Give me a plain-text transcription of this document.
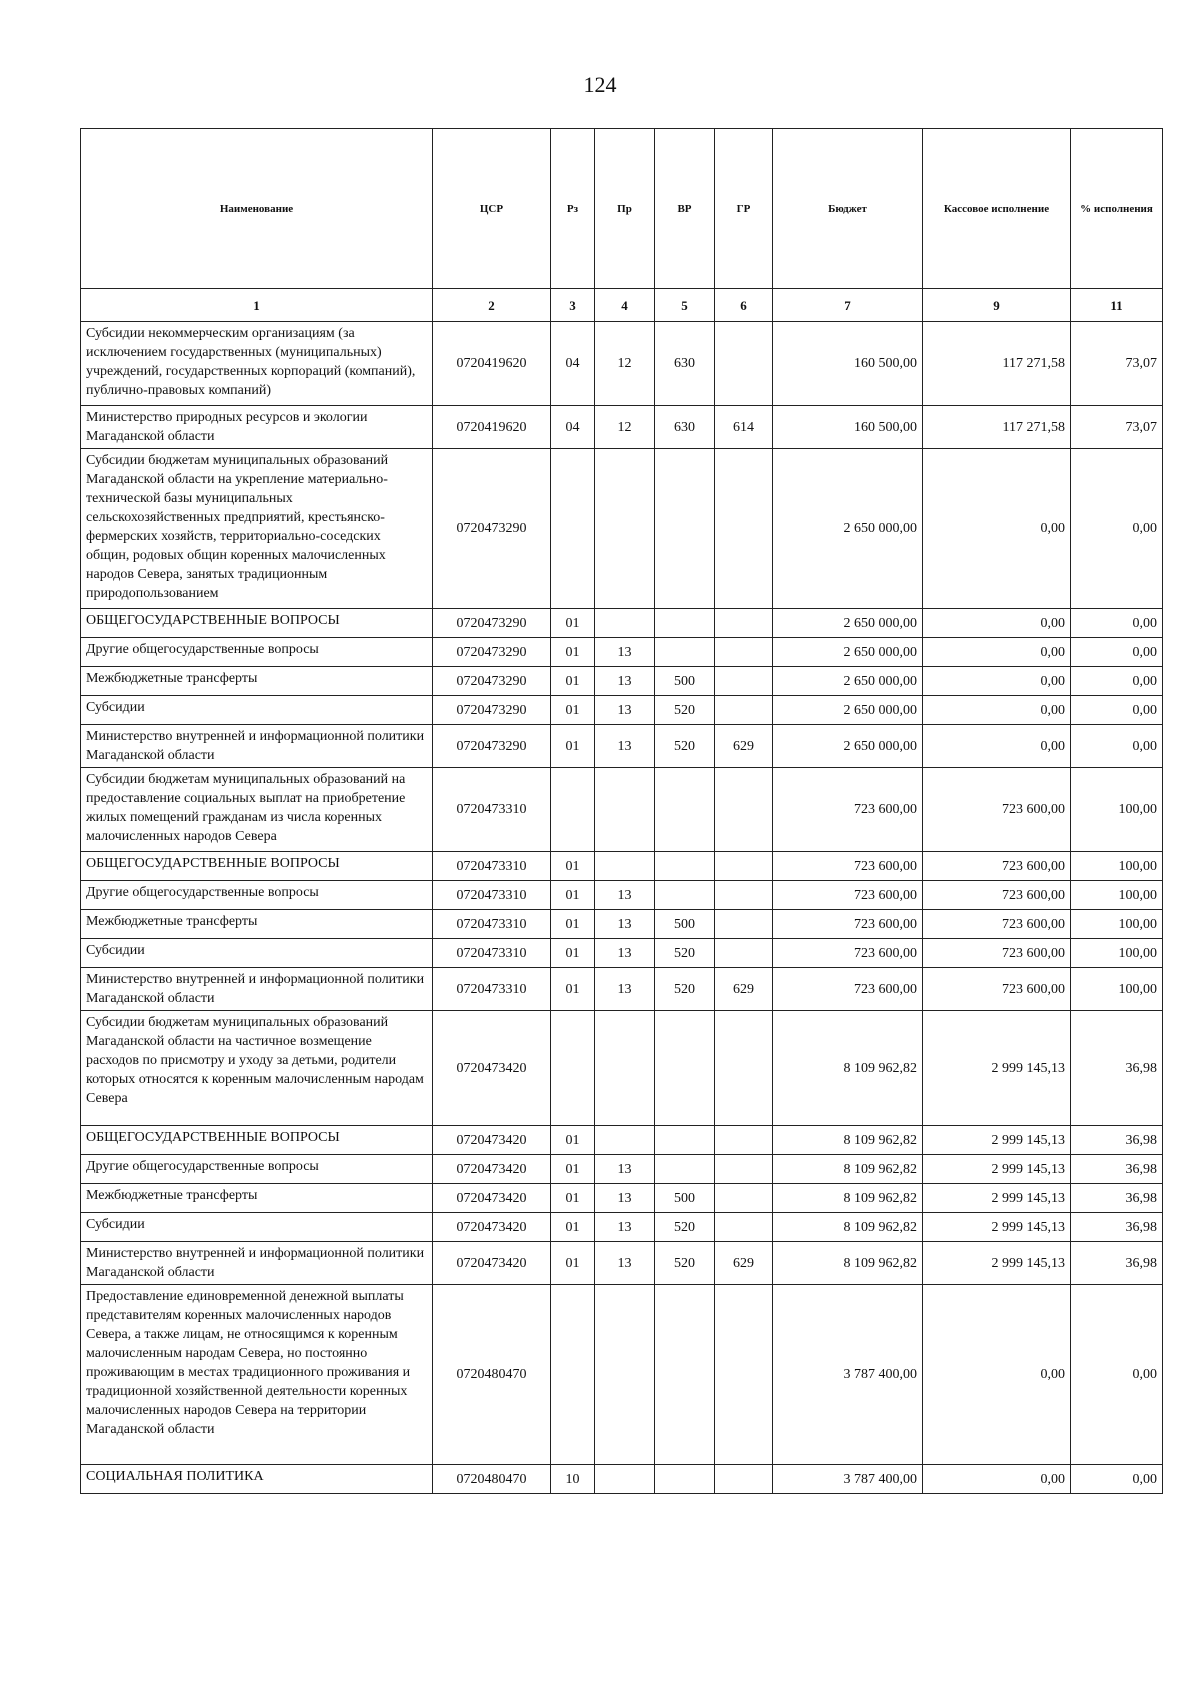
124
Наименование	ЦСР	Рз	Пр	ВР	ГР	Бюджет	Кассовое исполнение	% исполнения
1	2	3	4	5	6	7	9	11
Субсидии некоммерческим организациям (за исключением государственных (муниципальных) учреждений, государственных корпораций (компаний), публично-правовых компаний)	0720419620	04	12	630		160 500,00	117 271,58	73,07
Министерство природных ресурсов и экологии Магаданской области	0720419620	04	12	630	614	160 500,00	117 271,58	73,07
Субсидии бюджетам муниципальных образований Магаданской области на укрепление материально-технической базы муниципальных сельскохозяйственных предприятий, крестьянско-фермерских хозяйств, территориально-соседских общин, родовых общин коренных малочисленных народов Севера, занятых традиционным природопользованием	0720473290					2 650 000,00	0,00	0,00
ОБЩЕГОСУДАРСТВЕННЫЕ ВОПРОСЫ	0720473290	01				2 650 000,00	0,00	0,00
Другие общегосударственные вопросы	0720473290	01	13			2 650 000,00	0,00	0,00
Межбюджетные трансферты	0720473290	01	13	500		2 650 000,00	0,00	0,00
Субсидии	0720473290	01	13	520		2 650 000,00	0,00	0,00
Министерство внутренней и информационной политики Магаданской области	0720473290	01	13	520	629	2 650 000,00	0,00	0,00
Субсидии бюджетам муниципальных образований на предоставление социальных выплат на приобретение жилых помещений гражданам из числа коренных малочисленных народов Севера	0720473310					723 600,00	723 600,00	100,00
ОБЩЕГОСУДАРСТВЕННЫЕ ВОПРОСЫ	0720473310	01				723 600,00	723 600,00	100,00
Другие общегосударственные вопросы	0720473310	01	13			723 600,00	723 600,00	100,00
Межбюджетные трансферты	0720473310	01	13	500		723 600,00	723 600,00	100,00
Субсидии	0720473310	01	13	520		723 600,00	723 600,00	100,00
Министерство внутренней и информационной политики Магаданской области	0720473310	01	13	520	629	723 600,00	723 600,00	100,00
Субсидии бюджетам муниципальных образований Магаданской области на частичное возмещение расходов по присмотру и уходу за детьми, родители которых относятся к коренным малочисленным народам Севера	0720473420					8 109 962,82	2 999 145,13	36,98
ОБЩЕГОСУДАРСТВЕННЫЕ ВОПРОСЫ	0720473420	01				8 109 962,82	2 999 145,13	36,98
Другие общегосударственные вопросы	0720473420	01	13			8 109 962,82	2 999 145,13	36,98
Межбюджетные трансферты	0720473420	01	13	500		8 109 962,82	2 999 145,13	36,98
Субсидии	0720473420	01	13	520		8 109 962,82	2 999 145,13	36,98
Министерство внутренней и информационной политики Магаданской области	0720473420	01	13	520	629	8 109 962,82	2 999 145,13	36,98
Предоставление единовременной денежной выплаты представителям коренных малочисленных народов Севера, а также лицам, не относящимся к коренным малочисленным народам Севера, но постоянно проживающим в местах традиционного проживания и традиционной хозяйственной деятельности коренных малочисленных народов Севера на территории Магаданской области	0720480470					3 787 400,00	0,00	0,00
СОЦИАЛЬНАЯ ПОЛИТИКА	0720480470	10				3 787 400,00	0,00	0,00
